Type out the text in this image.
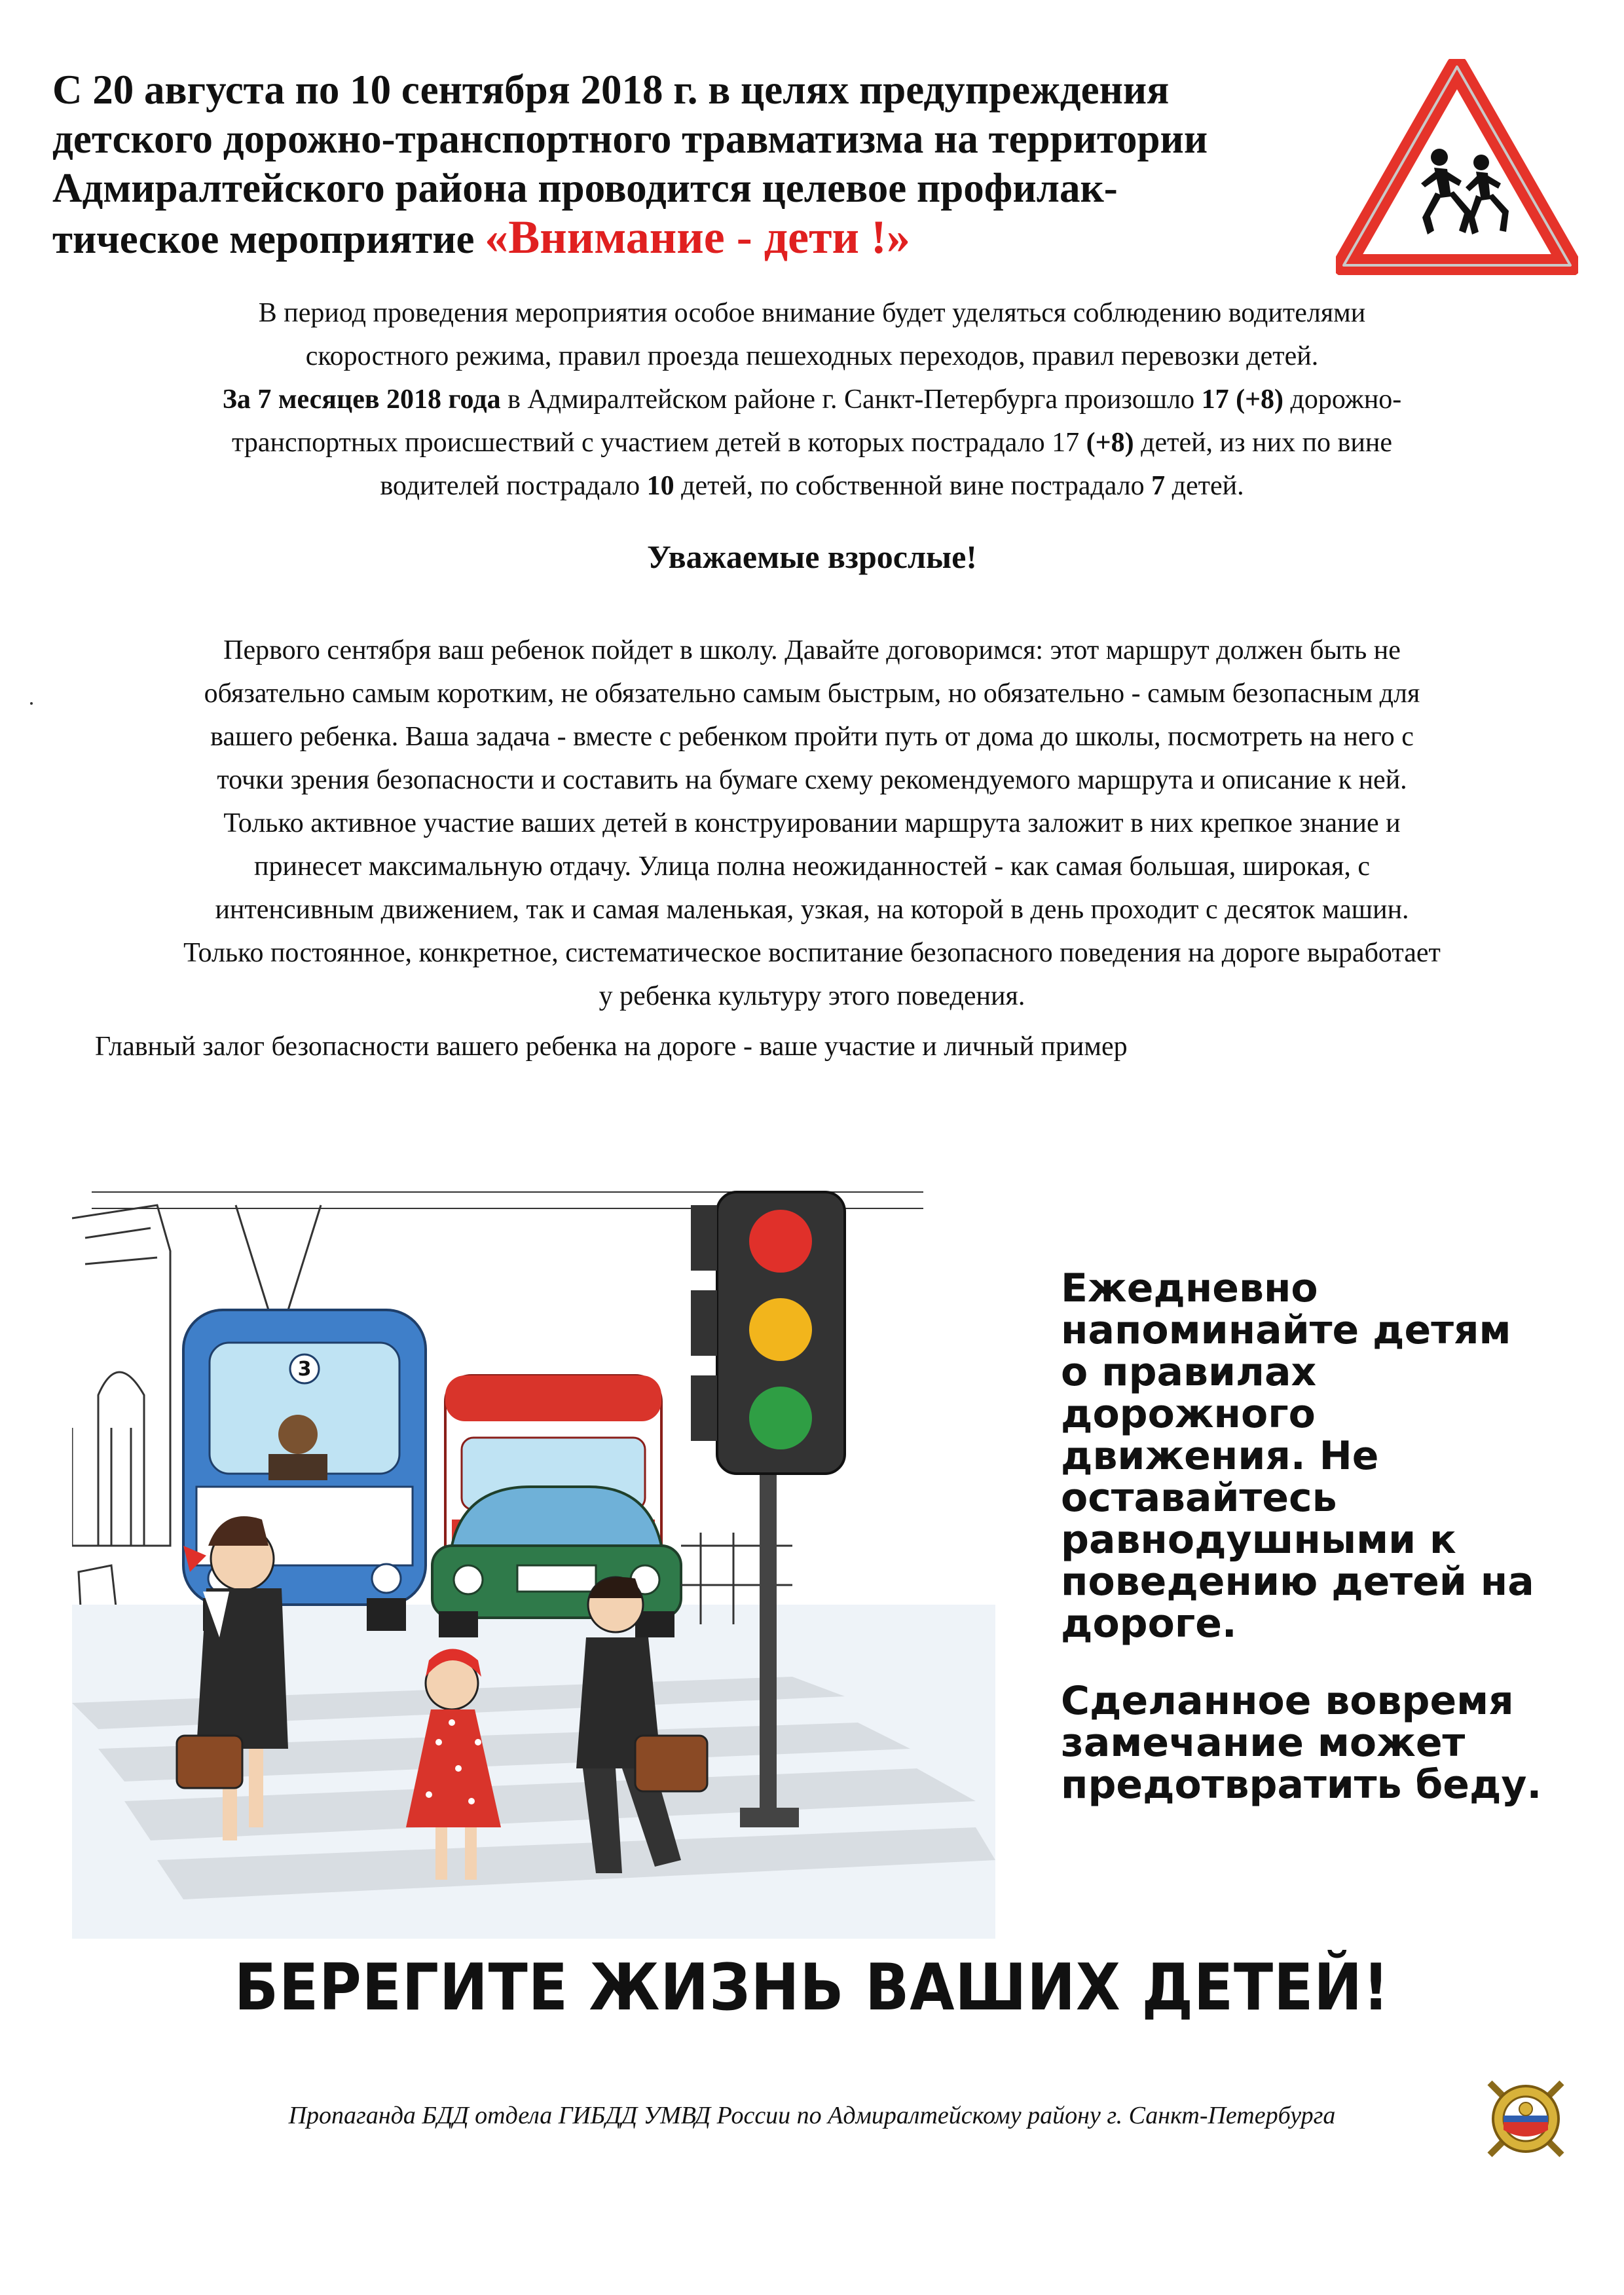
С 20 августа по 10 сентября 2018 г. в целях предупреждения
детского дорожно-транспортного травматизма на территории
Адмиралтейского района проводится целевое профилак-
тическое мероприятие «Внимание - дети !»

В период проведения мероприятия особое внимание будет уделяться соблюдению водителями

скоростного режима, правил проезда пешеходных переходов, правил перевозки детей.

За 7 месяцев 2018 года в Адмиралтейском районе г. Санкт-Петербурга произошло 17 (+8) дорожно-

транспортных происшествий с участием детей в которых пострадало 17 (+8) детей, из них по вине

водителей пострадало 10 детей, по собственной вине пострадало 7 детей.

Уважаемые взрослые!

Первого сентября ваш ребенок пойдет в школу. Давайте договоримся: этот маршрут должен быть не

обязательно самым коротким, не обязательно самым быстрым, но обязательно - самым безопасным для

вашего ребенка. Ваша задача - вместе с ребенком пройти путь от дома до школы, посмотреть на него с

точки зрения безопасности и составить на бумаге схему рекомендуемого маршрута и описание к ней.

Только активное участие ваших детей в конструировании маршрута заложит в них крепкое знание и

принесет максимальную отдачу. Улица полна неожиданностей - как самая большая, широкая, с

интенсивным движением, так и самая маленькая, узкая, на которой в день проходит с десяток машин.

Только постоянное, конкретное, систематическое воспитание безопасного поведения на дороге выработает

у ребенка культуру этого поведения.

Главный залог безопасности вашего ребенка на дороге - ваше участие и личный пример
3

Ежедневно
напоминайте детям
о правилах
дорожного
движения. Не
оставайтесь
равнодушными к
поведению детей на
дороге.

Сделанное вовремя
замечание может
предотвратить беду.

БЕРЕГИТЕ ЖИЗНЬ ВАШИХ ДЕТЕЙ!
Пропаганда БДД отдела ГИБДД УМВД России по Адмиралтейскому району г. Санкт-Петербурга
